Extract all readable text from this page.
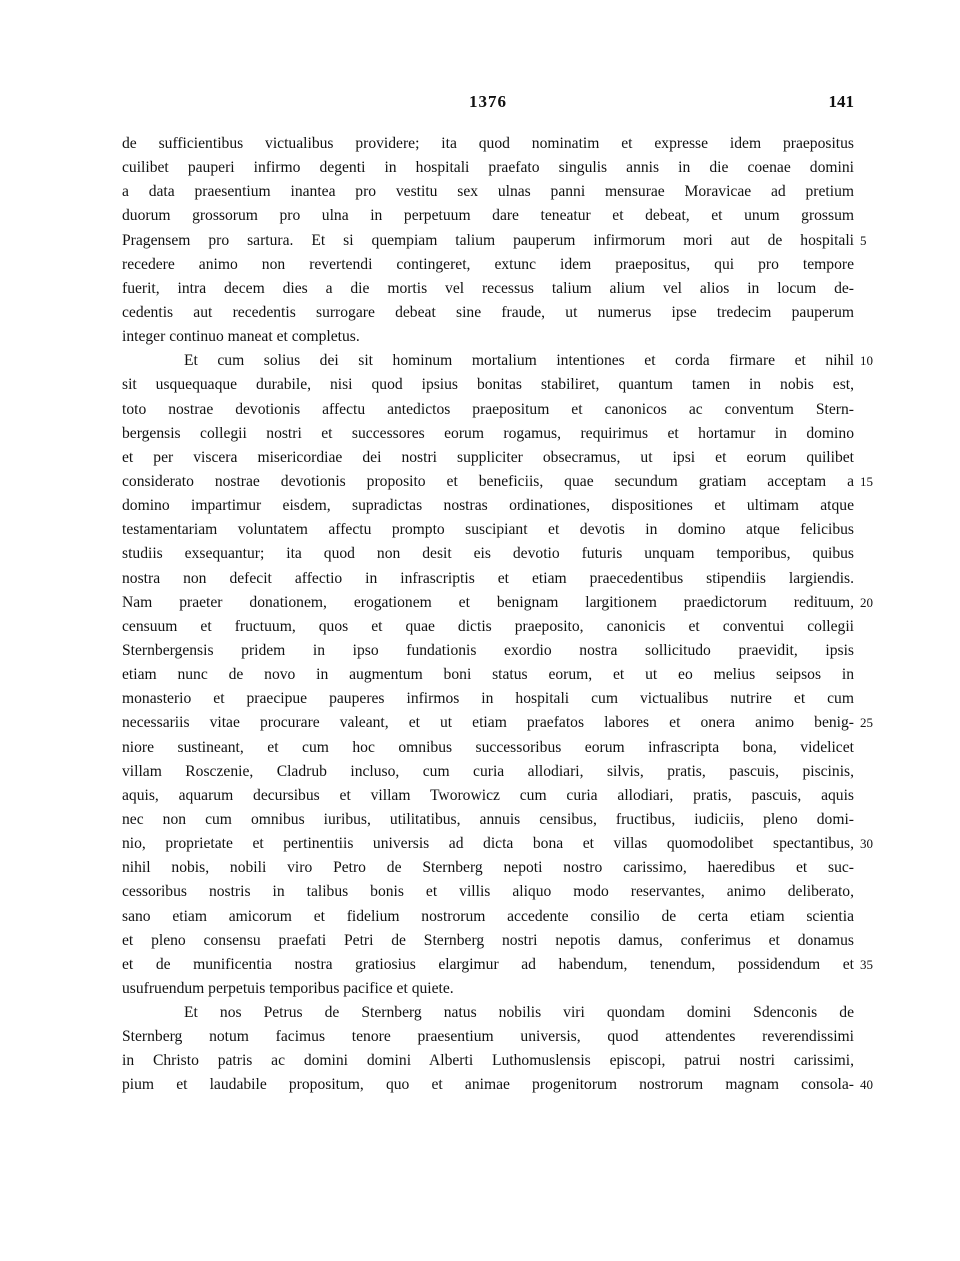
1376	141
de sufficientibus victualibus providere; ita quod nominatim et expresse idem praepositus
cuilibet pauperi infirmo degenti in hospitali praefato singulis annis in die coenae domini
a data praesentium inantea pro vestitu sex ulnas panni mensurae Moravicae ad pretium
duorum grossorum pro ulna in perpetuum dare teneatur et debeat, et unum grossum
Pragensem pro sartura. Et si quempiam talium pauperum infirmorum mori aut de hospitali 5
recedere animo non revertendi contingeret, extunc idem praepositus, qui pro tempore
fuerit, intra decem dies a die mortis vel recessus talium alium vel alios in locum de-
cedentis aut recedentis surrogare debeat sine fraude, ut numerus ipse tredecim pauperum
integer continuo maneat et completus.
Et cum solius dei sit hominum mortalium intentiones et corda firmare et nihil 10
sit usquequaque durabile, nisi quod ipsius bonitas stabiliret, quantum tamen in nobis est,
toto nostrae devotionis affectu antedictos praepositum et canonicos ac conventum Stern-
bergensis collegii nostri et successores eorum rogamus, requirimus et hortamur in domino
et per viscera misericordiae dei nostri suppliciter obsecramus, ut ipsi et eorum quilibet
considerato nostrae devotionis proposito et beneficiis, quae secundum gratiam acceptam a 15
domino impartimur eisdem, supradictas nostras ordinationes, dispositiones et ultimam atque
testamentariam voluntatem affectu prompto suscipiant et devotis in domino atque felicibus
studiis exsequantur; ita quod non desit eis devotio futuris unquam temporibus, quibus
nostra non defecit affectio in infrascriptis et etiam praecedentibus stipendiis largiendis.
Nam praeter donationem, erogationem et benignam largitionem praedictorum redituum, 20
censuum et fructuum, quos et quae dictis praeposito, canonicis et conventui collegii
Sternbergensis pridem in ipso fundationis exordio nostra sollicitudo praevidit, ipsis
etiam nunc de novo in augmentum boni status eorum, et ut eo melius seipsos in
monasterio et praecipue pauperes infirmos in hospitali cum victualibus nutrire et cum
necessariis vitae procurare valeant, et ut etiam praefatos labores et onera animo benig- 25
niore sustineant, et cum hoc omnibus successoribus eorum infrascripta bona, videlicet
villam Rosczenie, Cladrub incluso, cum curia allodiari, silvis, pratis, pascuis, piscinis,
aquis, aquarum decursibus et villam Tworowicz cum curia allodiari, pratis, pascuis, aquis
nec non cum omnibus iuribus, utilitatibus, annuis censibus, fructibus, iudiciis, pleno domi-
nio, proprietate et pertinentiis universis ad dicta bona et villas quomodolibet spectantibus, 30
nihil nobis, nobili viro Petro de Sternberg nepoti nostro carissimo, haeredibus et suc-
cessoribus nostris in talibus bonis et villis aliquo modo reservantes, animo deliberato,
sano etiam amicorum et fidelium nostrorum accedente consilio de certa etiam scientia
et pleno consensu praefati Petri de Sternberg nostri nepotis damus, conferimus et donamus
et de munificentia nostra gratiosius elargimur ad habendum, tenendum, possidendum et 35
usufruendum perpetuis temporibus pacifice et quiete.
Et nos Petrus de Sternberg natus nobilis viri quondam domini Sdenconis de
Sternberg notum facimus tenore praesentium universis, quod attendentes reverendissimi
in Christo patris ac domini domini Alberti Luthomuslensis episcopi, patrui nostri carissimi,
pium et laudabile propositum, quo et animae progenitorum nostrorum magnam consola- 40
